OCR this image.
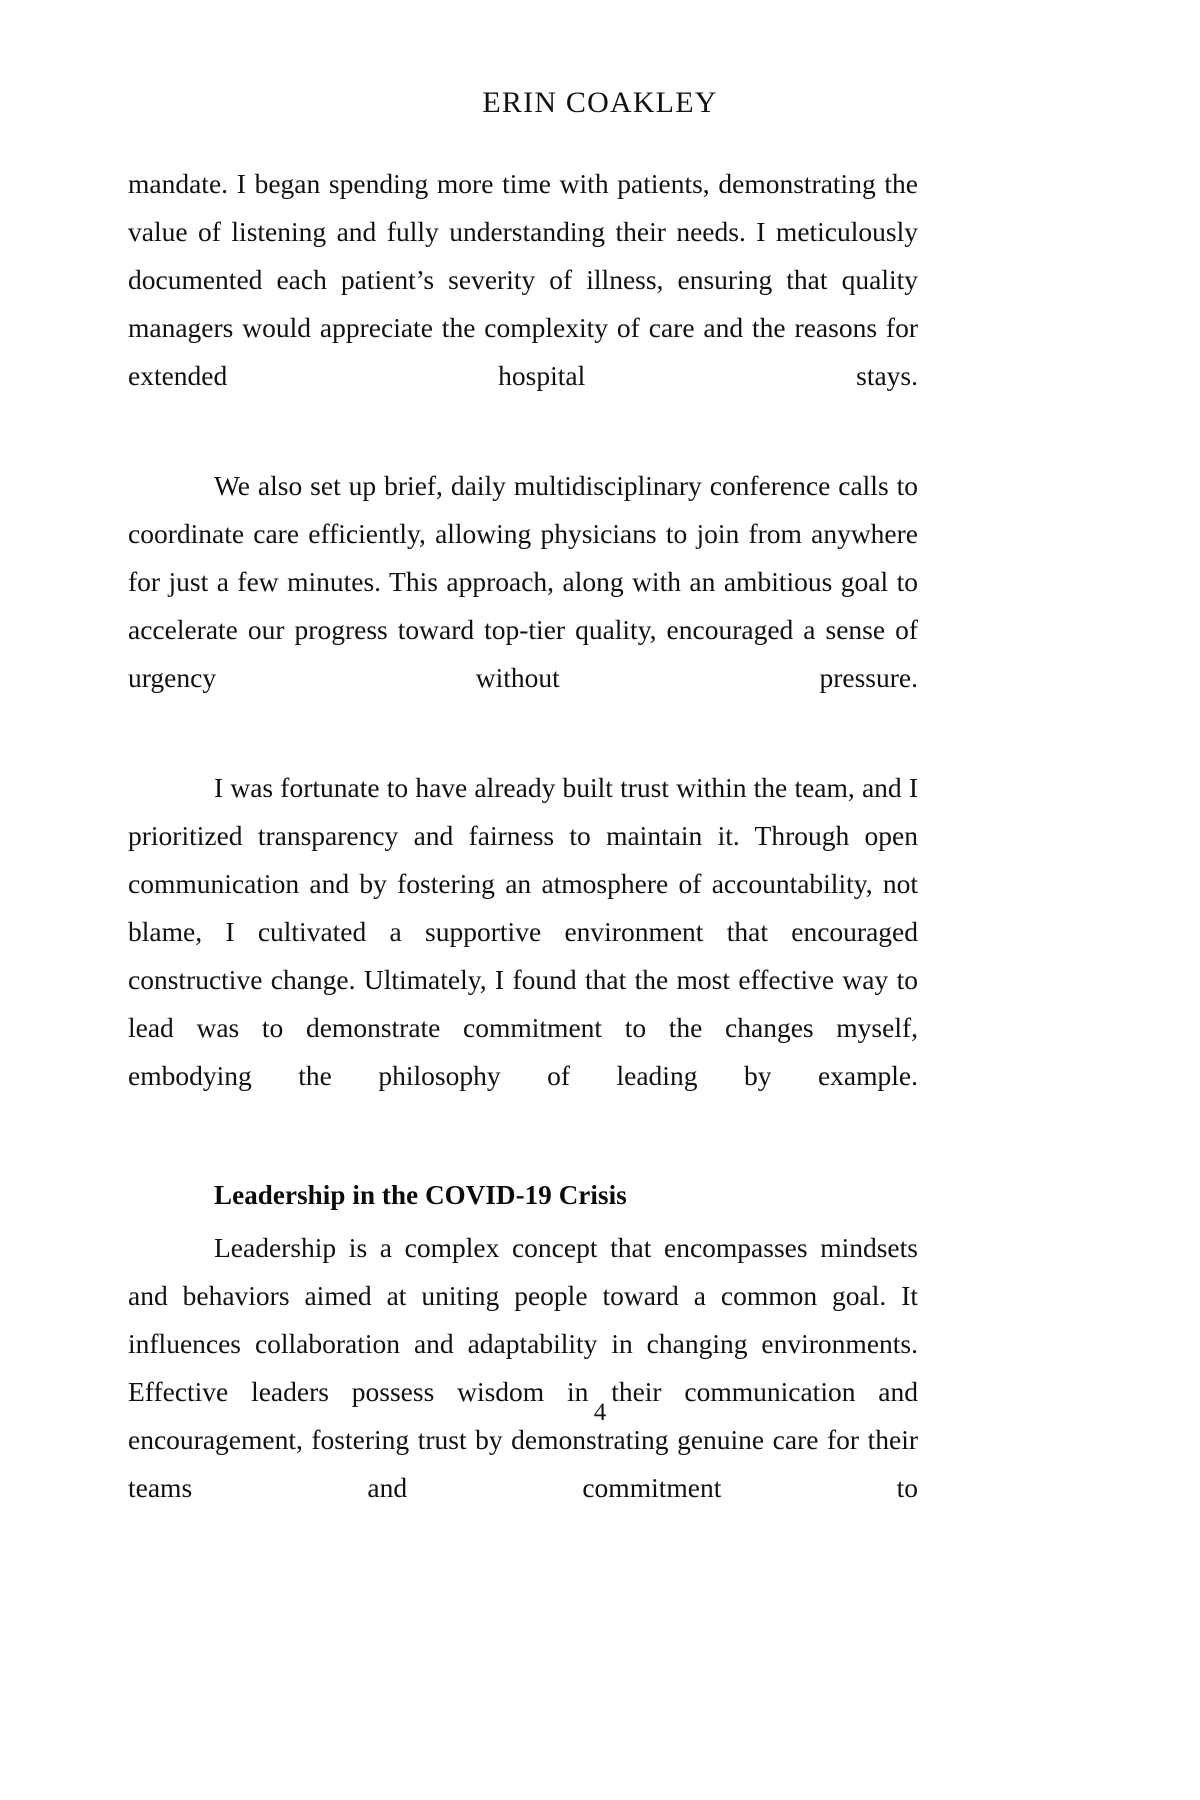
ERIN COAKLEY

mandate. I began spending more time with patients, demonstrating the value of listening and fully understanding their needs. I meticulously documented each patient’s severity of illness, ensuring that quality managers would appreciate the complexity of care and the reasons for extended hospital stays.

We also set up brief, daily multidisciplinary conference calls to coordinate care efficiently, allowing physicians to join from anywhere for just a few minutes. This approach, along with an ambitious goal to accelerate our progress toward top-tier quality, encouraged a sense of urgency without pressure.

I was fortunate to have already built trust within the team, and I prioritized transparency and fairness to maintain it. Through open communication and by fostering an atmosphere of accountability, not blame, I cultivated a supportive environment that encouraged constructive change. Ultimately, I found that the most effective way to lead was to demonstrate commitment to the changes myself, embodying the philosophy of leading by example.

Leadership in the COVID-19 Crisis

Leadership is a complex concept that encompasses mindsets and behaviors aimed at uniting people toward a common goal. It influences collaboration and adaptability in changing environments. Effective leaders possess wisdom in their communication and encouragement, fostering trust by demonstrating genuine care for their teams and commitment to

4
